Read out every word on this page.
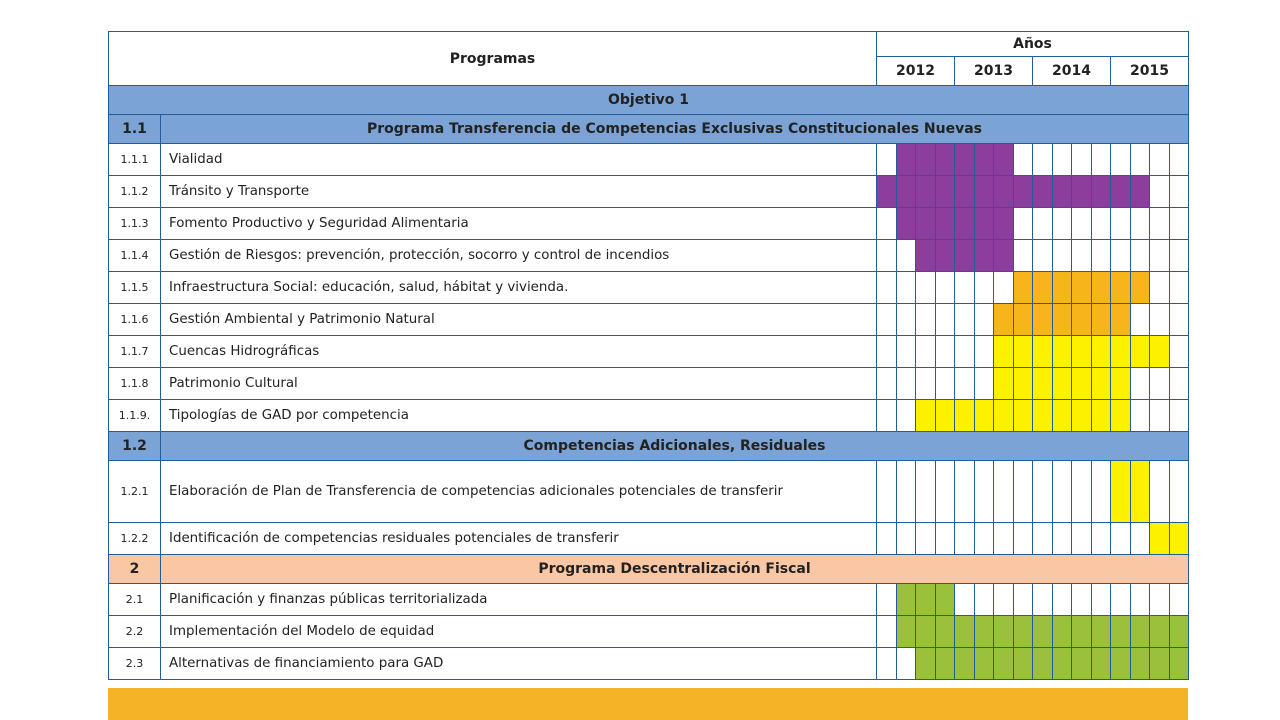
Programas		Años															
		2012				2013				2014				2015			
Objetivo 1																	
1.1	Programa Transferencia de Competencias Exclusivas Constitucionales Nuevas																
1.1.1	Vialidad																
1.1.2	Tránsito y Transporte																
1.1.3	Fomento Productivo y Seguridad Alimentaria																
1.1.4	Gestión de Riesgos: prevención, protección, socorro y control de incendios																
1.1.5	Infraestructura Social: educación, salud, hábitat y vivienda.																
1.1.6	Gestión Ambiental y Patrimonio Natural																
1.1.7	Cuencas Hidrográficas																
1.1.8	Patrimonio Cultural																
1.1.9.	Tipologías de GAD por competencia																
1.2	Competencias Adicionales, Residuales																
1.2.1	Elaboración de Plan de Transferencia de competencias adicionales potenciales de transferir																
1.2.2	Identificación de competencias residuales potenciales de transferir																
2	Programa Descentralización Fiscal																
2.1	Planificación y finanzas públicas territorializada																
2.2	Implementación del Modelo de equidad																
2.3	Alternativas de financiamiento para GAD																
